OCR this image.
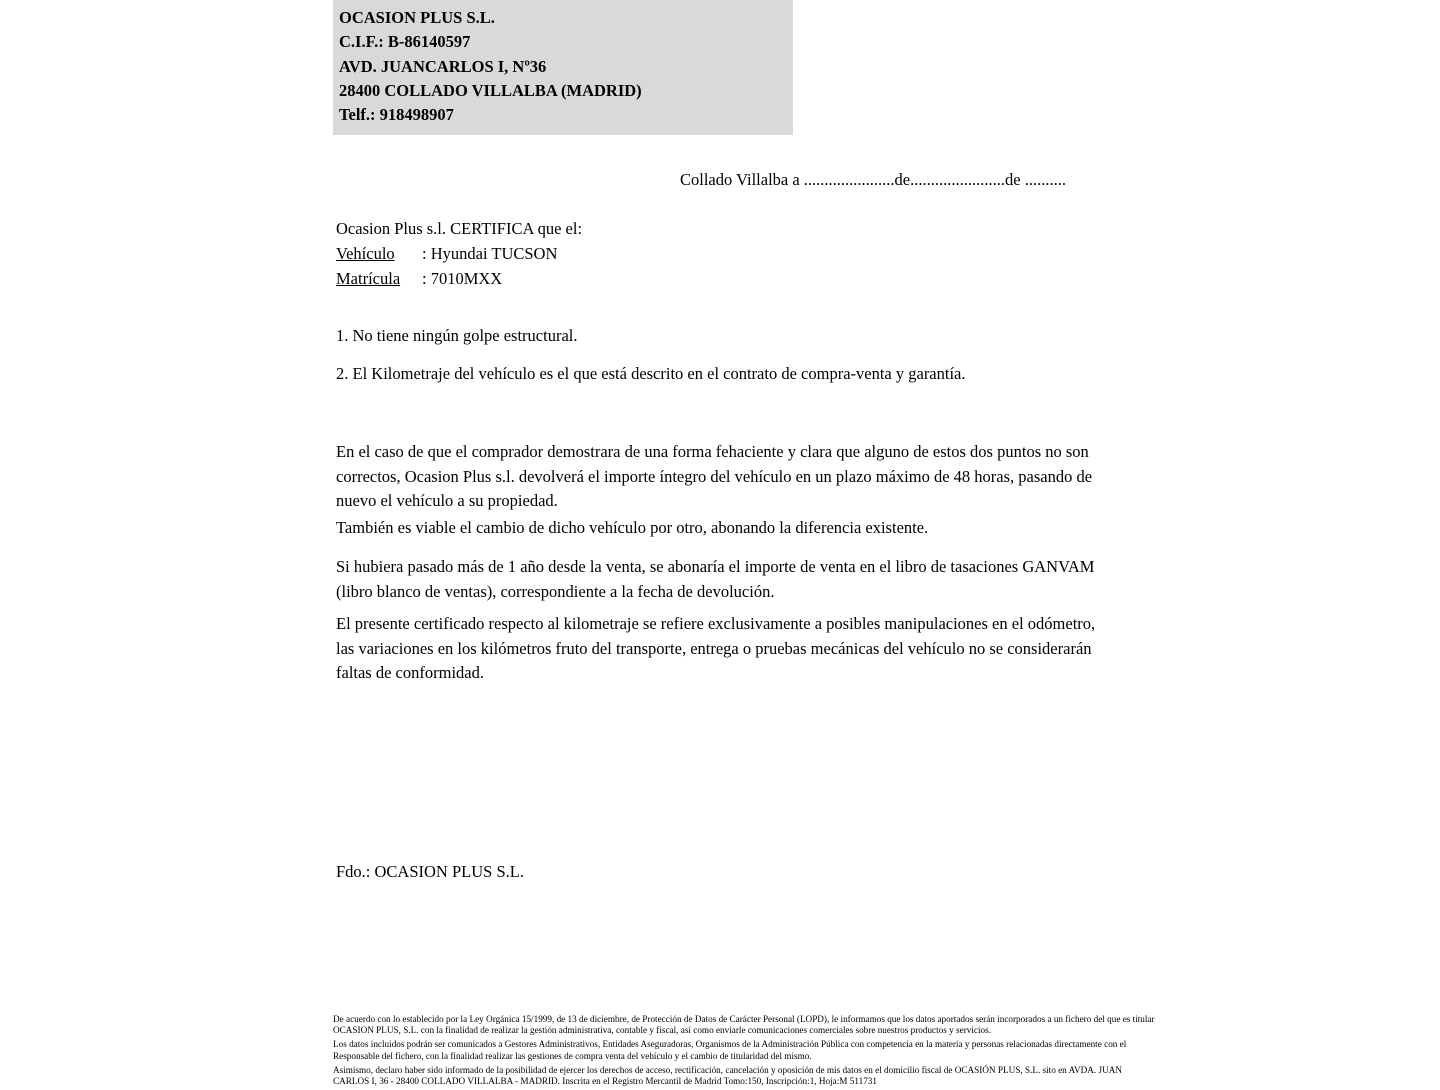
OCASION PLUS S.L.
C.I.F.: B-86140597
AVD. JUANCARLOS I, Nº36
28400 COLLADO VILLALBA (MADRID)
Telf.: 918498907
Collado Villalba a ......................de.......................de ..........
Ocasion Plus s.l. CERTIFICA que el:
Vehículo : Hyundai TUCSON
Matrícula : 7010MXX
1. No tiene ningún golpe estructural.
2. El Kilometraje del vehículo es el que está descrito en el contrato de compra-venta y garantía.
En el caso de que el comprador demostrara de una forma fehaciente y clara que alguno de estos dos puntos no son correctos, Ocasion Plus s.l. devolverá el importe íntegro del vehículo en un plazo máximo de 48 horas, pasando de nuevo el vehículo a su propiedad.
También es viable el cambio de dicho vehículo por otro, abonando la diferencia existente.
Si hubiera pasado más de 1 año desde la venta, se abonaría el importe de venta en el libro de tasaciones GANVAM (libro blanco de ventas), correspondiente a la fecha de devolución.
El presente certificado respecto al kilometraje se refiere exclusivamente a posibles manipulaciones en el odómetro, las variaciones en los kilómetros fruto del transporte, entrega o pruebas mecánicas del vehículo no se considerarán faltas de conformidad.
Fdo.: OCASION PLUS S.L.

De acuerdo con lo establecido por la Ley Orgánica 15/1999, de 13 de diciembre, de Protección de Datos de Carácter Personal (LOPD), le informamos que los datos aportados serán incorporados a un fichero del que es titular

OCASION PLUS, S.L. con la finalidad de realizar la gestión administrativa, contable y fiscal, así como enviarle comunicaciones comerciales sobre nuestros productos y servicios.

Los datos incluidos podrán ser comunicados a Gestores Administrativos, Entidades Aseguradoras, Organismos de la Administración Pública con competencia en la materia y personas relacionadas directamente con el

Responsable del fichero, con la finalidad realizar las gestiones de compra venta del vehículo y el cambio de titularidad del mismo.

Asimismo, declaro haber sido informado de la posibilidad de ejercer los derechos de acceso, rectificación, cancelación y oposición de mis datos en el domicilio fiscal de OCASIÓN PLUS, S.L. sito en AVDA. JUAN

CARLOS I, 36 - 28400 COLLADO VILLALBA - MADRID. Inscrita en el Registro Mercantil de Madrid Tomo:150, Inscripción:1, Hoja:M 511731
